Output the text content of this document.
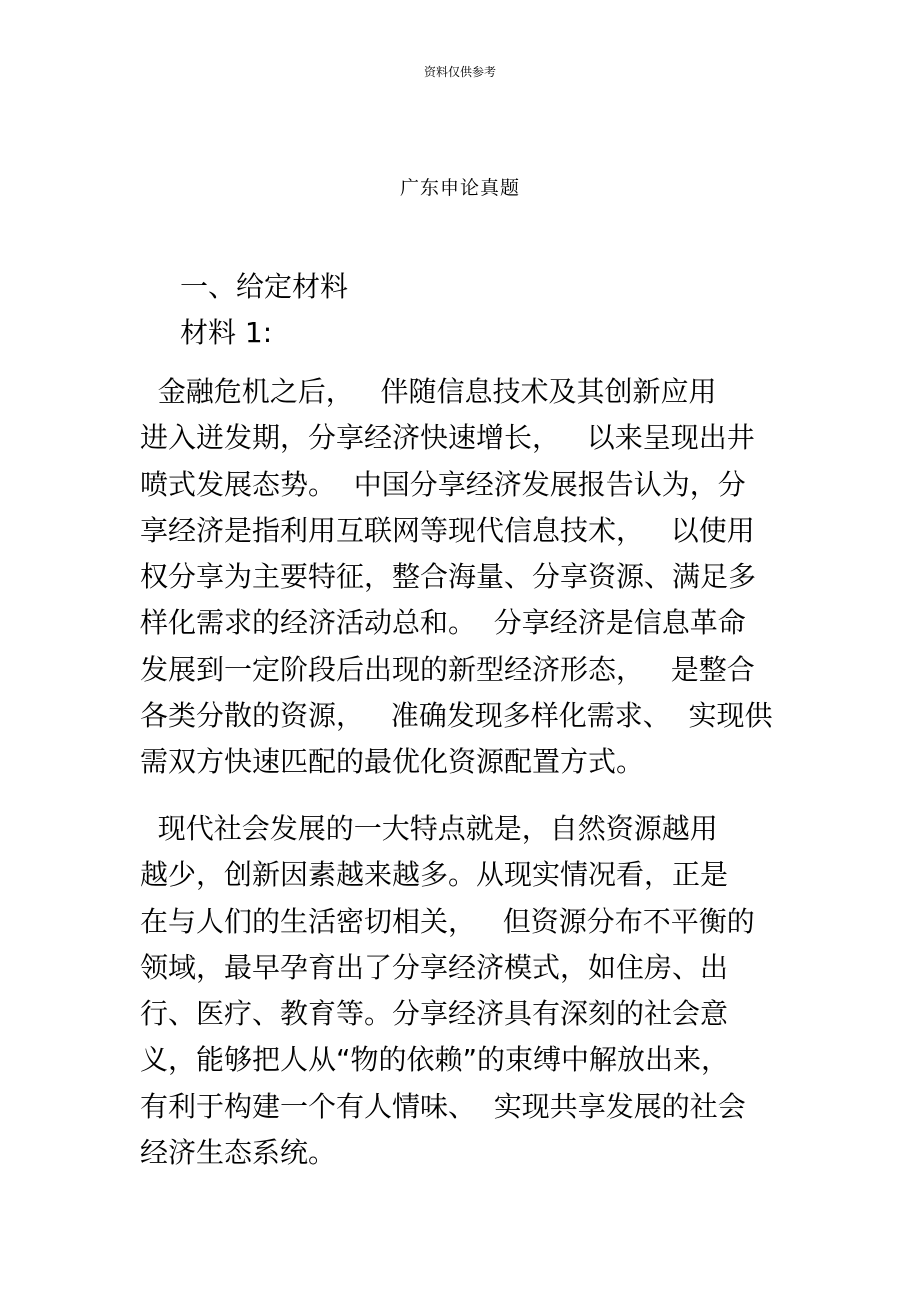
资料仅供参考
广东申论真题
一、给定材料
材料 1:
金融危机之后，   伴随信息技术及其创新应用
进入迸发期，分享经济快速增长，   以来呈现出井
喷式发展态势。  中国分享经济发展报告认为，分
享经济是指利用互联网等现代信息技术，   以使用
权分享为主要特征，整合海量、分享资源、满足多
样化需求的经济活动总和。  分享经济是信息革命
发展到一定阶段后出现的新型经济形态，   是整合
各类分散的资源，   准确发现多样化需求、  实现供
需双方快速匹配的最优化资源配置方式。
现代社会发展的一大特点就是，自然资源越用
越少，创新因素越来越多。从现实情况看，正是
在与人们的生活密切相关，   但资源分布不平衡的
领域，最早孕育出了分享经济模式，如住房、出
行、医疗、教育等。分享经济具有深刻的社会意
义，能够把人从“物的依赖”的束缚中解放出来，
有利于构建一个有人情味、  实现共享发展的社会
经济生态系统。
